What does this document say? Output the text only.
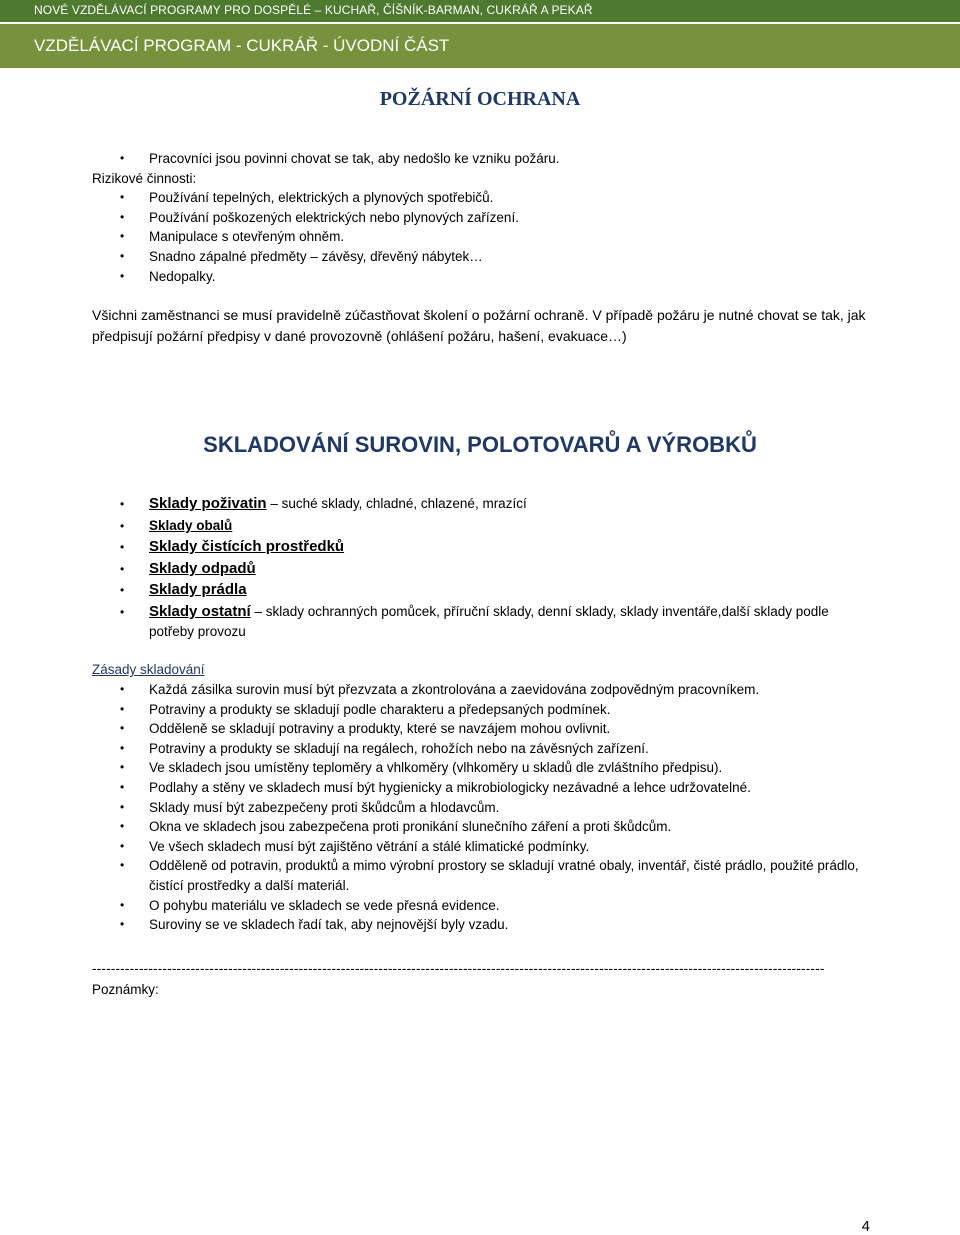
NOVÉ VZDĚLÁVACÍ PROGRAMY PRO DOSPĚLÉ – KUCHAŘ, ČÍŠNÍK-BARMAN, CUKRÁŘ A PEKAŘ
VZDĚLÁVACÍ PROGRAM - CUKRÁŘ - ÚVODNÍ ČÁST
POŽÁRNÍ OCHRANA
• Pracovníci jsou povinni chovat se tak, aby nedošlo ke vzniku požáru.
Rizikové činnosti:
• Používání tepelných, elektrických a plynových spotřebičů.
• Používání poškozených elektrických nebo plynových zařízení.
• Manipulace s otevřeným ohněm.
• Snadno zápalné předměty – závěsy, dřevěný nábytek…
• Nedopalky.
Všichni zaměstnanci se musí pravidelně zúčastňovat školení o požární ochraně. V případě požáru je nutné chovat se tak, jak předpisují požární předpisy v dané provozovně (ohlášení požáru, hašení, evakuace…)
SKLADOVÁNÍ SUROVIN, POLOTOVARŮ A VÝROBKŮ
• Sklady poživatin – suché sklady, chladné, chlazené, mrazící
• Sklady obalů
• Sklady čistících prostředků
• Sklady odpadů
• Sklady prádla
• Sklady ostatní – sklady ochranných pomůcek, příruční sklady, denní sklady, sklady inventáře,další sklady podle potřeby provozu
Zásady skladování
• Každá zásilka surovin musí být přezvzata a zkontrolována a zaevidována zodpovědným pracovníkem.
• Potraviny a produkty se skladují podle charakteru a předepsaných podmínek.
• Odděleně se skladují potraviny a produkty, které se navzájem mohou ovlivnit.
• Potraviny a produkty se skladují na regálech, rohožích nebo na závěsných zařízení.
• Ve skladech jsou umístěny teploměry a vhlkoměry (vlhkoměry u skladů dle zvláštního předpisu).
• Podlahy a stěny ve skladech musí být hygienicky a mikrobiologicky nezávadné a lehce udržovatelné.
• Sklady musí být zabezpečeny proti škůdcům a hlodavcům.
• Okna ve skladech jsou zabezpečena proti pronikání slunečního záření a proti škůdcům.
• Ve všech skladech musí být zajištěno větrání a stálé klimatické podmínky.
• Odděleně od potravin, produktů a mimo výrobní prostory se skladují vratné obaly, inventář, čisté prádlo, použité prádlo, čistící prostředky a další materiál.
• O pohybu materiálu ve skladech se vede přesná evidence.
• Suroviny se ve skladech řadí tak, aby nejnovější byly vzadu.
------------------------------------------------------------------------------------------------------------------------------------------------------------
Poznámky:
4
